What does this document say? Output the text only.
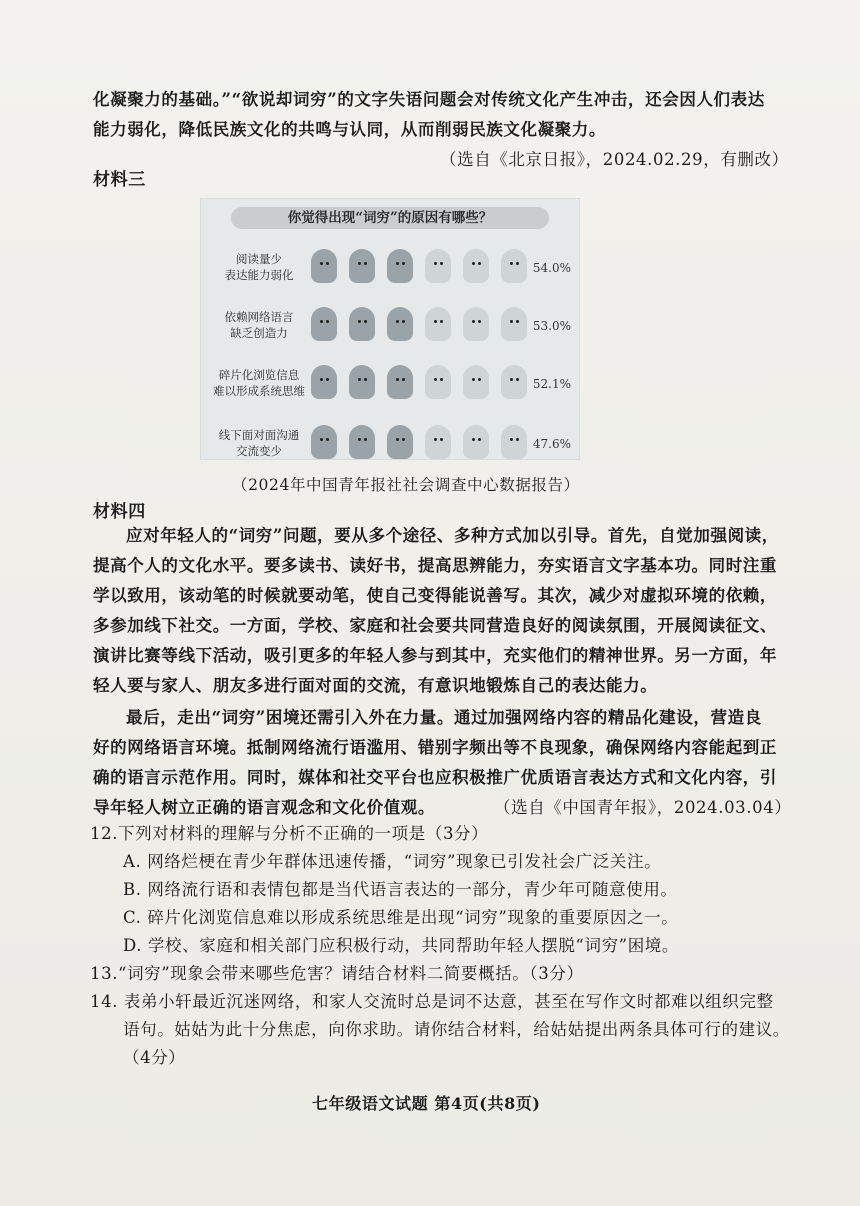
化凝聚力的基础。”“欲说却词穷”的文字失语问题会对传统文化产生冲击，还会因人们表达
能力弱化，降低民族文化的共鸣与认同，从而削弱民族文化凝聚力。
（选自《北京日报》，2024.02.29，有删改）
材料三
你觉得出现“词穷”的原因有哪些？
阅读量少
表达能力弱化	54.0%
依赖网络语言
缺乏创造力	53.0%
碎片化浏览信息
难以形成系统思维	52.1%
线下面对面沟通
交流变少	47.6%
（2024年中国青年报社社会调查中心数据报告）
材料四
应对年轻人的“词穷”问题，要从多个途径、多种方式加以引导。首先，自觉加强阅读，
提高个人的文化水平。要多读书、读好书，提高思辨能力，夯实语言文字基本功。同时注重
学以致用，该动笔的时候就要动笔，使自己变得能说善写。其次，减少对虚拟环境的依赖，
多参加线下社交。一方面，学校、家庭和社会要共同营造良好的阅读氛围，开展阅读征文、
演讲比赛等线下活动，吸引更多的年轻人参与到其中，充实他们的精神世界。另一方面，年
轻人要与家人、朋友多进行面对面的交流，有意识地锻炼自己的表达能力。
最后，走出“词穷”困境还需引入外在力量。通过加强网络内容的精品化建设，营造良
好的网络语言环境。抵制网络流行语滥用、错别字频出等不良现象，确保网络内容能起到正
确的语言示范作用。同时，媒体和社交平台也应积极推广优质语言表达方式和文化内容，引
导年轻人树立正确的语言观念和文化价值观。	（选自《中国青年报》，2024.03.04）
12.下列对材料的理解与分析不正确的一项是（3分）
A. 网络烂梗在青少年群体迅速传播，“词穷”现象已引发社会广泛关注。
B. 网络流行语和表情包都是当代语言表达的一部分，青少年可随意使用。
C. 碎片化浏览信息难以形成系统思维是出现“词穷”现象的重要原因之一。
D. 学校、家庭和相关部门应积极行动，共同帮助年轻人摆脱“词穷”困境。
13.“词穷”现象会带来哪些危害？请结合材料二简要概括。（3分）
14. 表弟小轩最近沉迷网络，和家人交流时总是词不达意，甚至在写作文时都难以组织完整
语句。姑姑为此十分焦虑，向你求助。请你结合材料，给姑姑提出两条具体可行的建议。
（4分）
七年级语文试题 第4页(共8页)
